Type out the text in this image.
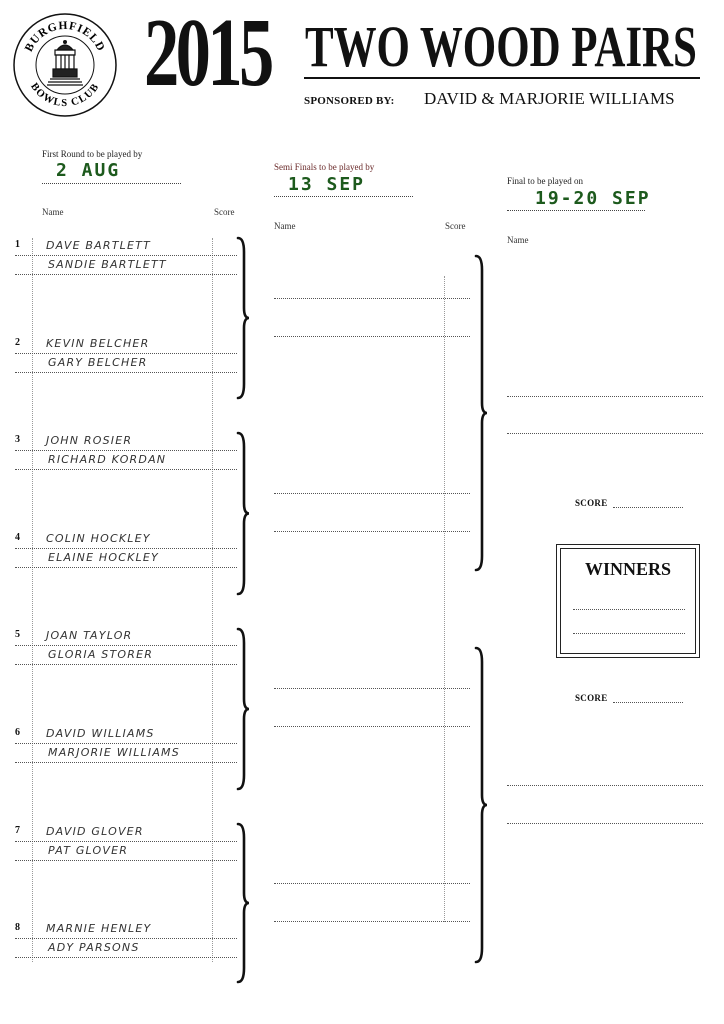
BURGHFIELD
BOWLS CLUB 2015 TWO WOOD PAIRS
SPONSORED BY: DAVID & MARJORIE WILLIAMS
First Round to be played by
2 AUG
Name	Score
Semi Finals to be played by
13 SEP
Name	Score
Final to be played on
19-20 SEP
Name
1 DAVE BARTLETT
SANDIE BARTLETT
2 KEVIN BELCHER
GARY BELCHER
3 JOHN ROSIER
RICHARD KORDAN
4 COLIN HOCKLEY
ELAINE HOCKLEY
5 JOAN TAYLOR
GLORIA STORER
6 DAVID WILLIAMS
MARJORIE WILLIAMS
7 DAVID GLOVER
PAT GLOVER
8 MARNIE HENLEY
ADY PARSONS
SCORE
SCORE
WINNERS
